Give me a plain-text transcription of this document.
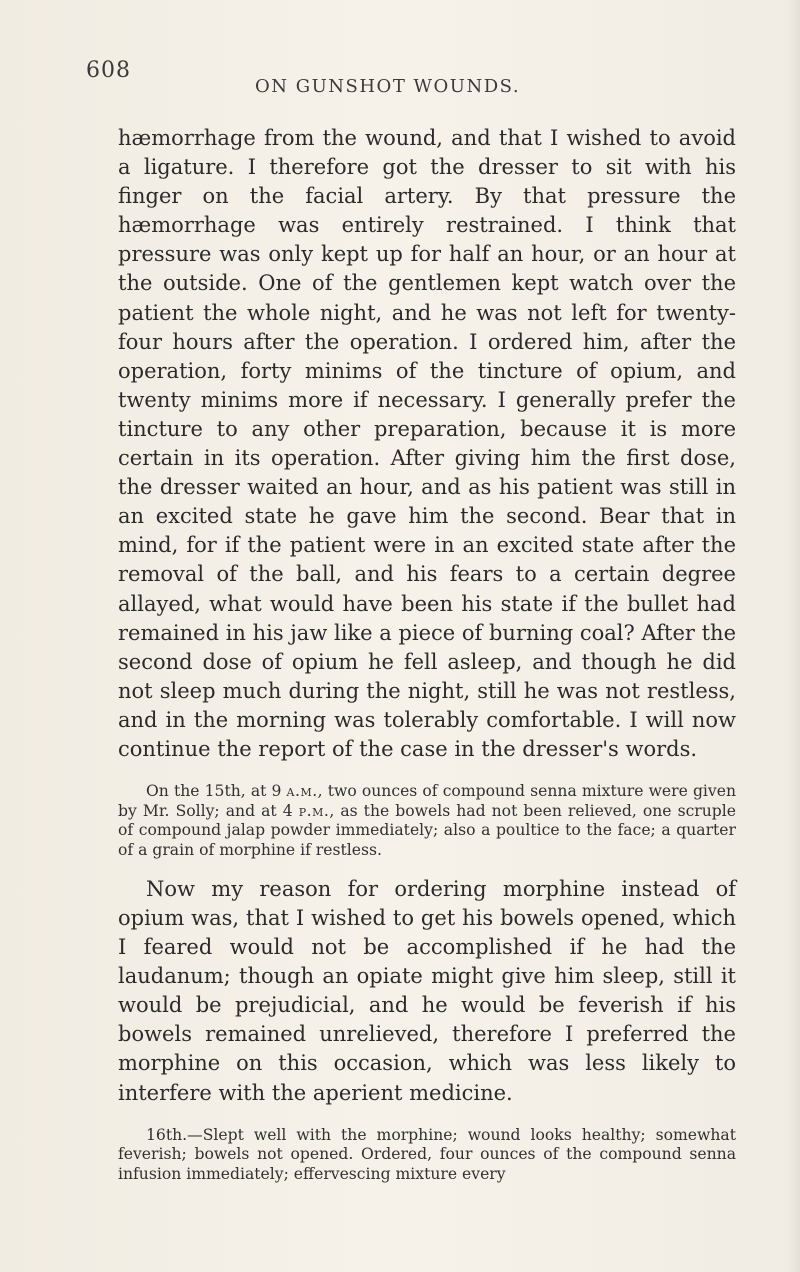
608
ON GUNSHOT WOUNDS.

hæmorrhage from the wound, and that I wished to avoid a ligature. I therefore got the dresser to sit with his finger on the facial artery. By that pressure the hæmorrhage was entirely restrained. I think that pressure was only kept up for half an hour, or an hour at the outside. One of the gentlemen kept watch over the patient the whole night, and he was not left for twenty-four hours after the operation. I ordered him, after the operation, forty minims of the tincture of opium, and twenty minims more if necessary. I generally prefer the tincture to any other preparation, because it is more certain in its operation. After giving him the first dose, the dresser waited an hour, and as his patient was still in an excited state he gave him the second. Bear that in mind, for if the patient were in an excited state after the removal of the ball, and his fears to a certain degree allayed, what would have been his state if the bullet had remained in his jaw like a piece of burning coal? After the second dose of opium he fell asleep, and though he did not sleep much during the night, still he was not restless, and in the morning was tolerably comfortable. I will now continue the report of the case in the dresser's words.

On the 15th, at 9 a.m., two ounces of compound senna mixture were given by Mr. Solly; and at 4 p.m., as the bowels had not been relieved, one scruple of compound jalap powder immediately; also a poultice to the face; a quarter of a grain of morphine if restless.

Now my reason for ordering morphine instead of opium was, that I wished to get his bowels opened, which I feared would not be accomplished if he had the laudanum; though an opiate might give him sleep, still it would be prejudicial, and he would be feverish if his bowels remained unrelieved, therefore I preferred the morphine on this occasion, which was less likely to interfere with the aperient medicine.

16th.—Slept well with the morphine; wound looks healthy; somewhat feverish; bowels not opened. Ordered, four ounces of the compound senna infusion immediately; effervescing mixture every
